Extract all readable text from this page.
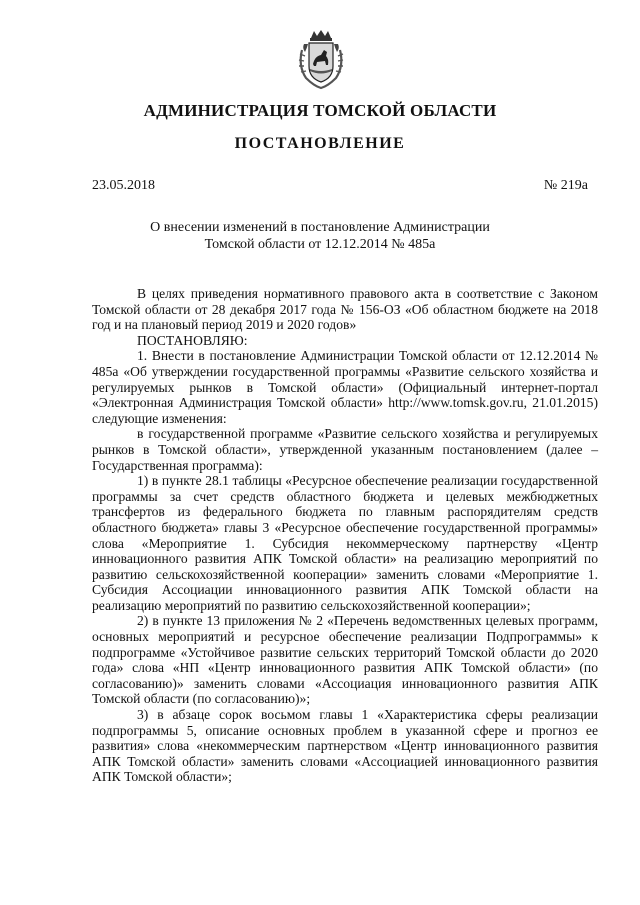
АДМИНИСТРАЦИЯ ТОМСКОЙ ОБЛАСТИ
ПОСТАНОВЛЕНИЕ
23.05.2018	№ 219а
О внесении изменений в постановление Администрации
Томской области от 12.12.2014 № 485а

В целях приведения нормативного правового акта в соответствие с Законом Томской области от 28 декабря 2017 года № 156-ОЗ «Об областном бюджете на 2018 год и на плановый период 2019 и 2020 годов»

ПОСТАНОВЛЯЮ:

1. Внести в постановление Администрации Томской области от 12.12.2014 № 485а «Об утверждении государственной программы «Развитие сельского хозяйства и регулируемых рынков в Томской области» (Официальный интернет-портал «Электронная Администрация Томской области» http://www.tomsk.gov.ru, 21.01.2015) следующие изменения:

в государственной программе «Развитие сельского хозяйства и регулируемых рынков в Томской области», утвержденной указанным постановлением (далее – Государственная программа):

1) в пункте 28.1 таблицы «Ресурсное обеспечение реализации государственной программы за счет средств областного бюджета и целевых межбюджетных трансфертов из федерального бюджета по главным распорядителям средств областного бюджета» главы 3 «Ресурсное обеспечение государственной программы» слова «Мероприятие 1. Субсидия некоммерческому партнерству «Центр инновационного развития АПК Томской области» на реализацию мероприятий по развитию сельскохозяйственной кооперации» заменить словами «Мероприятие 1. Субсидия Ассоциации инновационного развития АПК Томской области на реализацию мероприятий по развитию сельскохозяйственной кооперации»;

2) в пункте 13 приложения № 2 «Перечень ведомственных целевых программ, основных мероприятий и ресурсное обеспечение реализации Подпрограммы» к подпрограмме «Устойчивое развитие сельских территорий Томской области до 2020 года» слова «НП «Центр инновационного развития АПК Томской области» (по согласованию)» заменить словами «Ассоциация инновационного развития АПК Томской области (по согласованию)»;

3) в абзаце сорок восьмом главы 1 «Характеристика сферы реализации подпрограммы 5, описание основных проблем в указанной сфере и прогноз ее развития» слова «некоммерческим партнерством «Центр инновационного развития АПК Томской области» заменить словами «Ассоциацией инновационного развития АПК Томской области»;
